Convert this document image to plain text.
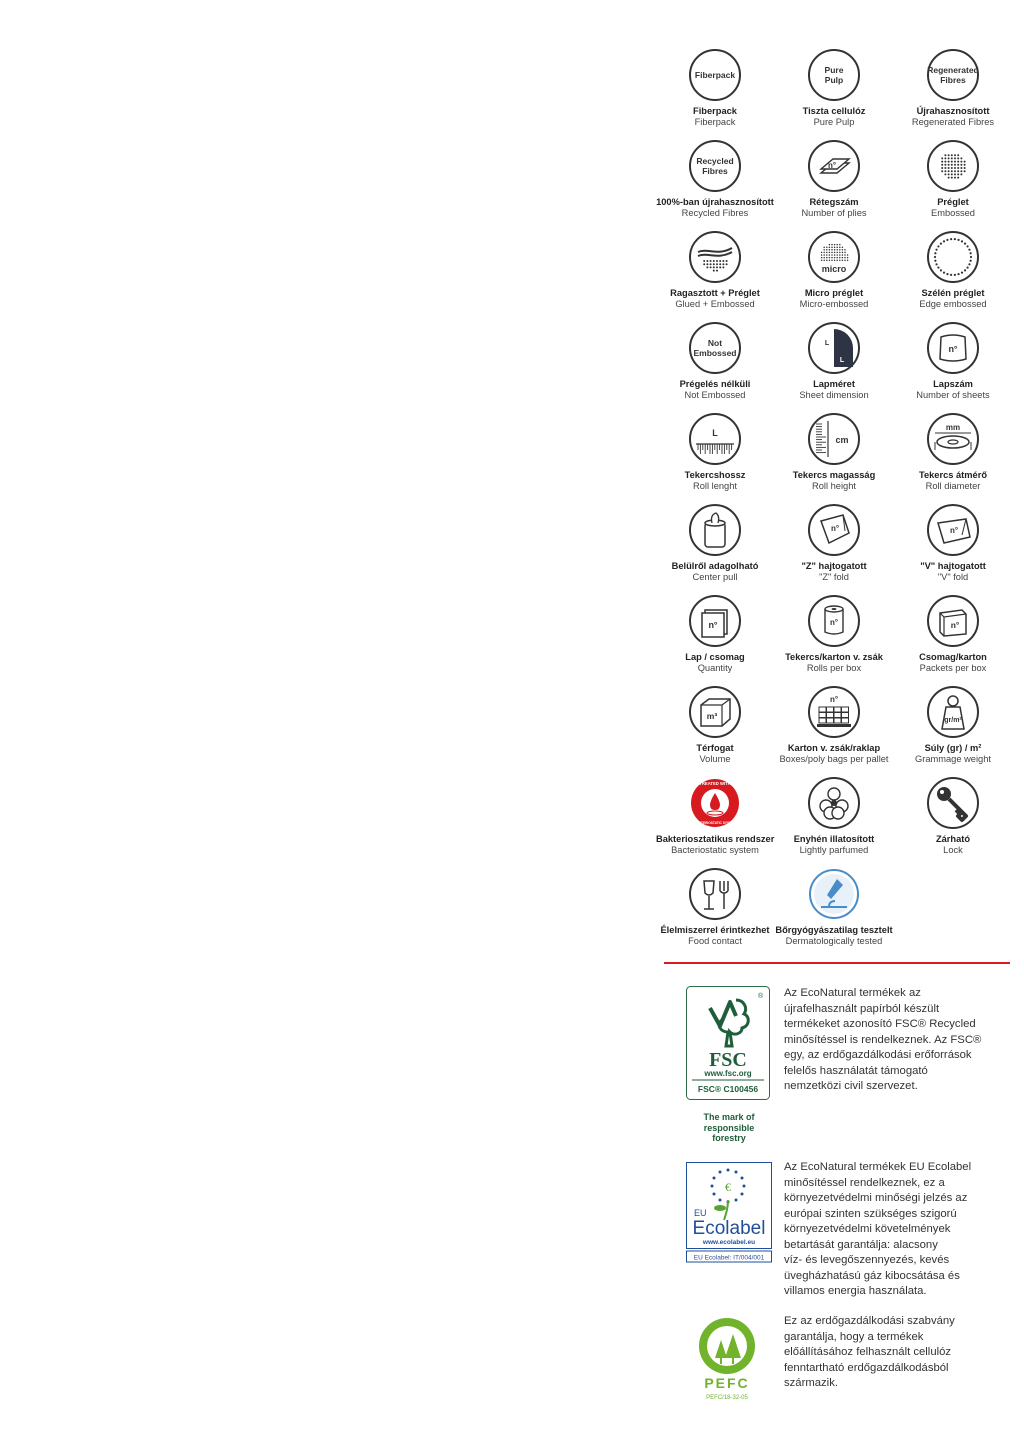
Fiberpack
Fiberpack
Fiberpack
Pure
Pulp
Tiszta cellulóz
Pure Pulp
Regenerated
Fibres
Újrahasznosított
Regenerated Fibres
Recycled
Fibres
100%-ban újrahasznosított
Recycled Fibres
n°
Rétegszám
Number of plies
Préglet
Embossed
Ragasztott + Préglet
Glued + Embossed
micro
Micro préglet
Micro-embossed
Szélén préglet
Edge embossed
Not
Embossed
Prégelés nélküli
Not Embossed
L
L
Lapméret
Sheet dimension
n°
Lapszám
Number of sheets
L
Tekercshossz
Roll lenght
cm
Tekercs magasság
Roll height
mm
Tekercs átmérő
Roll diameter
Belülről adagolható
Center pull
n°
"Z" hajtogatott
"Z" fold
n°
"V" hajtogatott
"V" fold
n°
Lap / csomag
Quantity
n°
Tekercs/karton v. zsák
Rolls per box
n°
Csomag/karton
Packets per box
m³
Térfogat
Volume
n°
Karton v. zsák/raklap
Boxes/poly bags per pallet
gr/m²
Súly (gr) / m²
Grammage weight
TREATED WITH
BACTERIOSTATIC SYSTEM
Bakteriosztatikus rendszer
Bacteriostatic system
Enyhén illatosított
Lightly parfumed
Zárható
Lock
Élelmiszerrel érintkezhet
Food contact
Bőrgyógyászatilag tesztelt
Dermatologically tested
®
FSC
www.fsc.org
FSC® C100456
The mark of responsible forestry
Az EcoNatural termékek az
újrafelhasznált papírból készült
termékeket azonosító FSC® Recycled
minősítéssel is rendelkeznek. Az FSC®
egy, az erdőgazdálkodási erőforrások
felelős használatát támogató
nemzetközi civil szervezet.
€
EU
Ecolabel
www.ecolabel.eu
EU Ecolabel: IT/004/001
Az EcoNatural termékek EU Ecolabel
minősítéssel rendelkeznek, ez a
környezetvédelmi minőségi jelzés az
európai szinten szükséges szigorú
környezetvédelmi követelmények
betartását garantálja: alacsony
víz- és levegőszennyezés, kevés
üvegházhatású gáz kibocsátása és
villamos energia használata.
PEFC
PEFC/18-32-05
Ez az erdőgazdálkodási szabvány
garantálja, hogy a termékek
előállításához felhasznált cellulóz
fenntartható erdőgazdálkodásból
származik.
